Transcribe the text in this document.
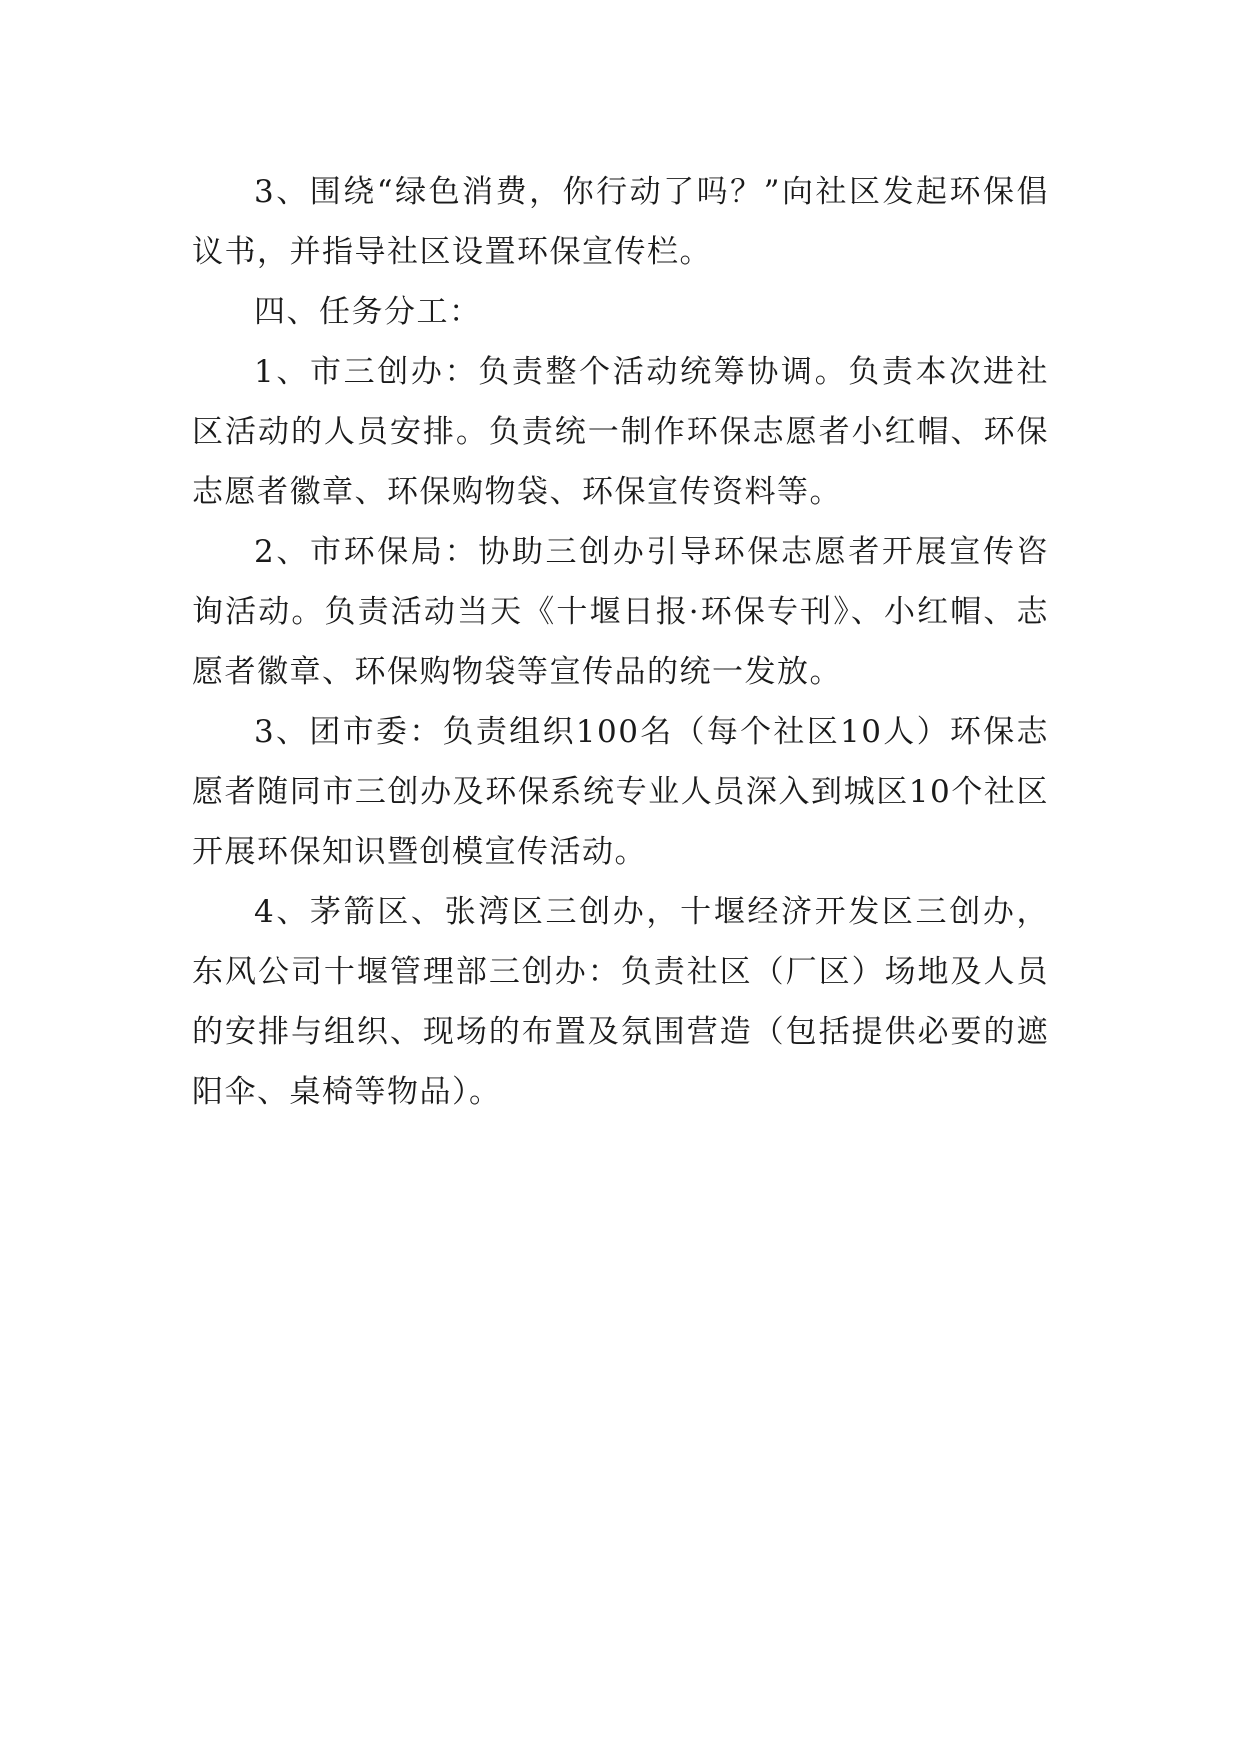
3、围绕“绿色消费，你行动了吗？”向社区发起环保倡议书，并指导社区设置环保宣传栏。

四、任务分工：

1、市三创办：负责整个活动统筹协调。负责本次进社区活动的人员安排。负责统一制作环保志愿者小红帽、环保志愿者徽章、环保购物袋、环保宣传资料等。

2、市环保局：协助三创办引导环保志愿者开展宣传咨询活动。负责活动当天《十堰日报·环保专刊》、小红帽、志愿者徽章、环保购物袋等宣传品的统一发放。

3、团市委：负责组织100名（每个社区10人）环保志愿者随同市三创办及环保系统专业人员深入到城区10个社区开展环保知识暨创模宣传活动。

4、茅箭区、张湾区三创办，十堰经济开发区三创办，东风公司十堰管理部三创办：负责社区（厂区）场地及人员的安排与组织、现场的布置及氛围营造（包括提供必要的遮阳伞、桌椅等物品）。
